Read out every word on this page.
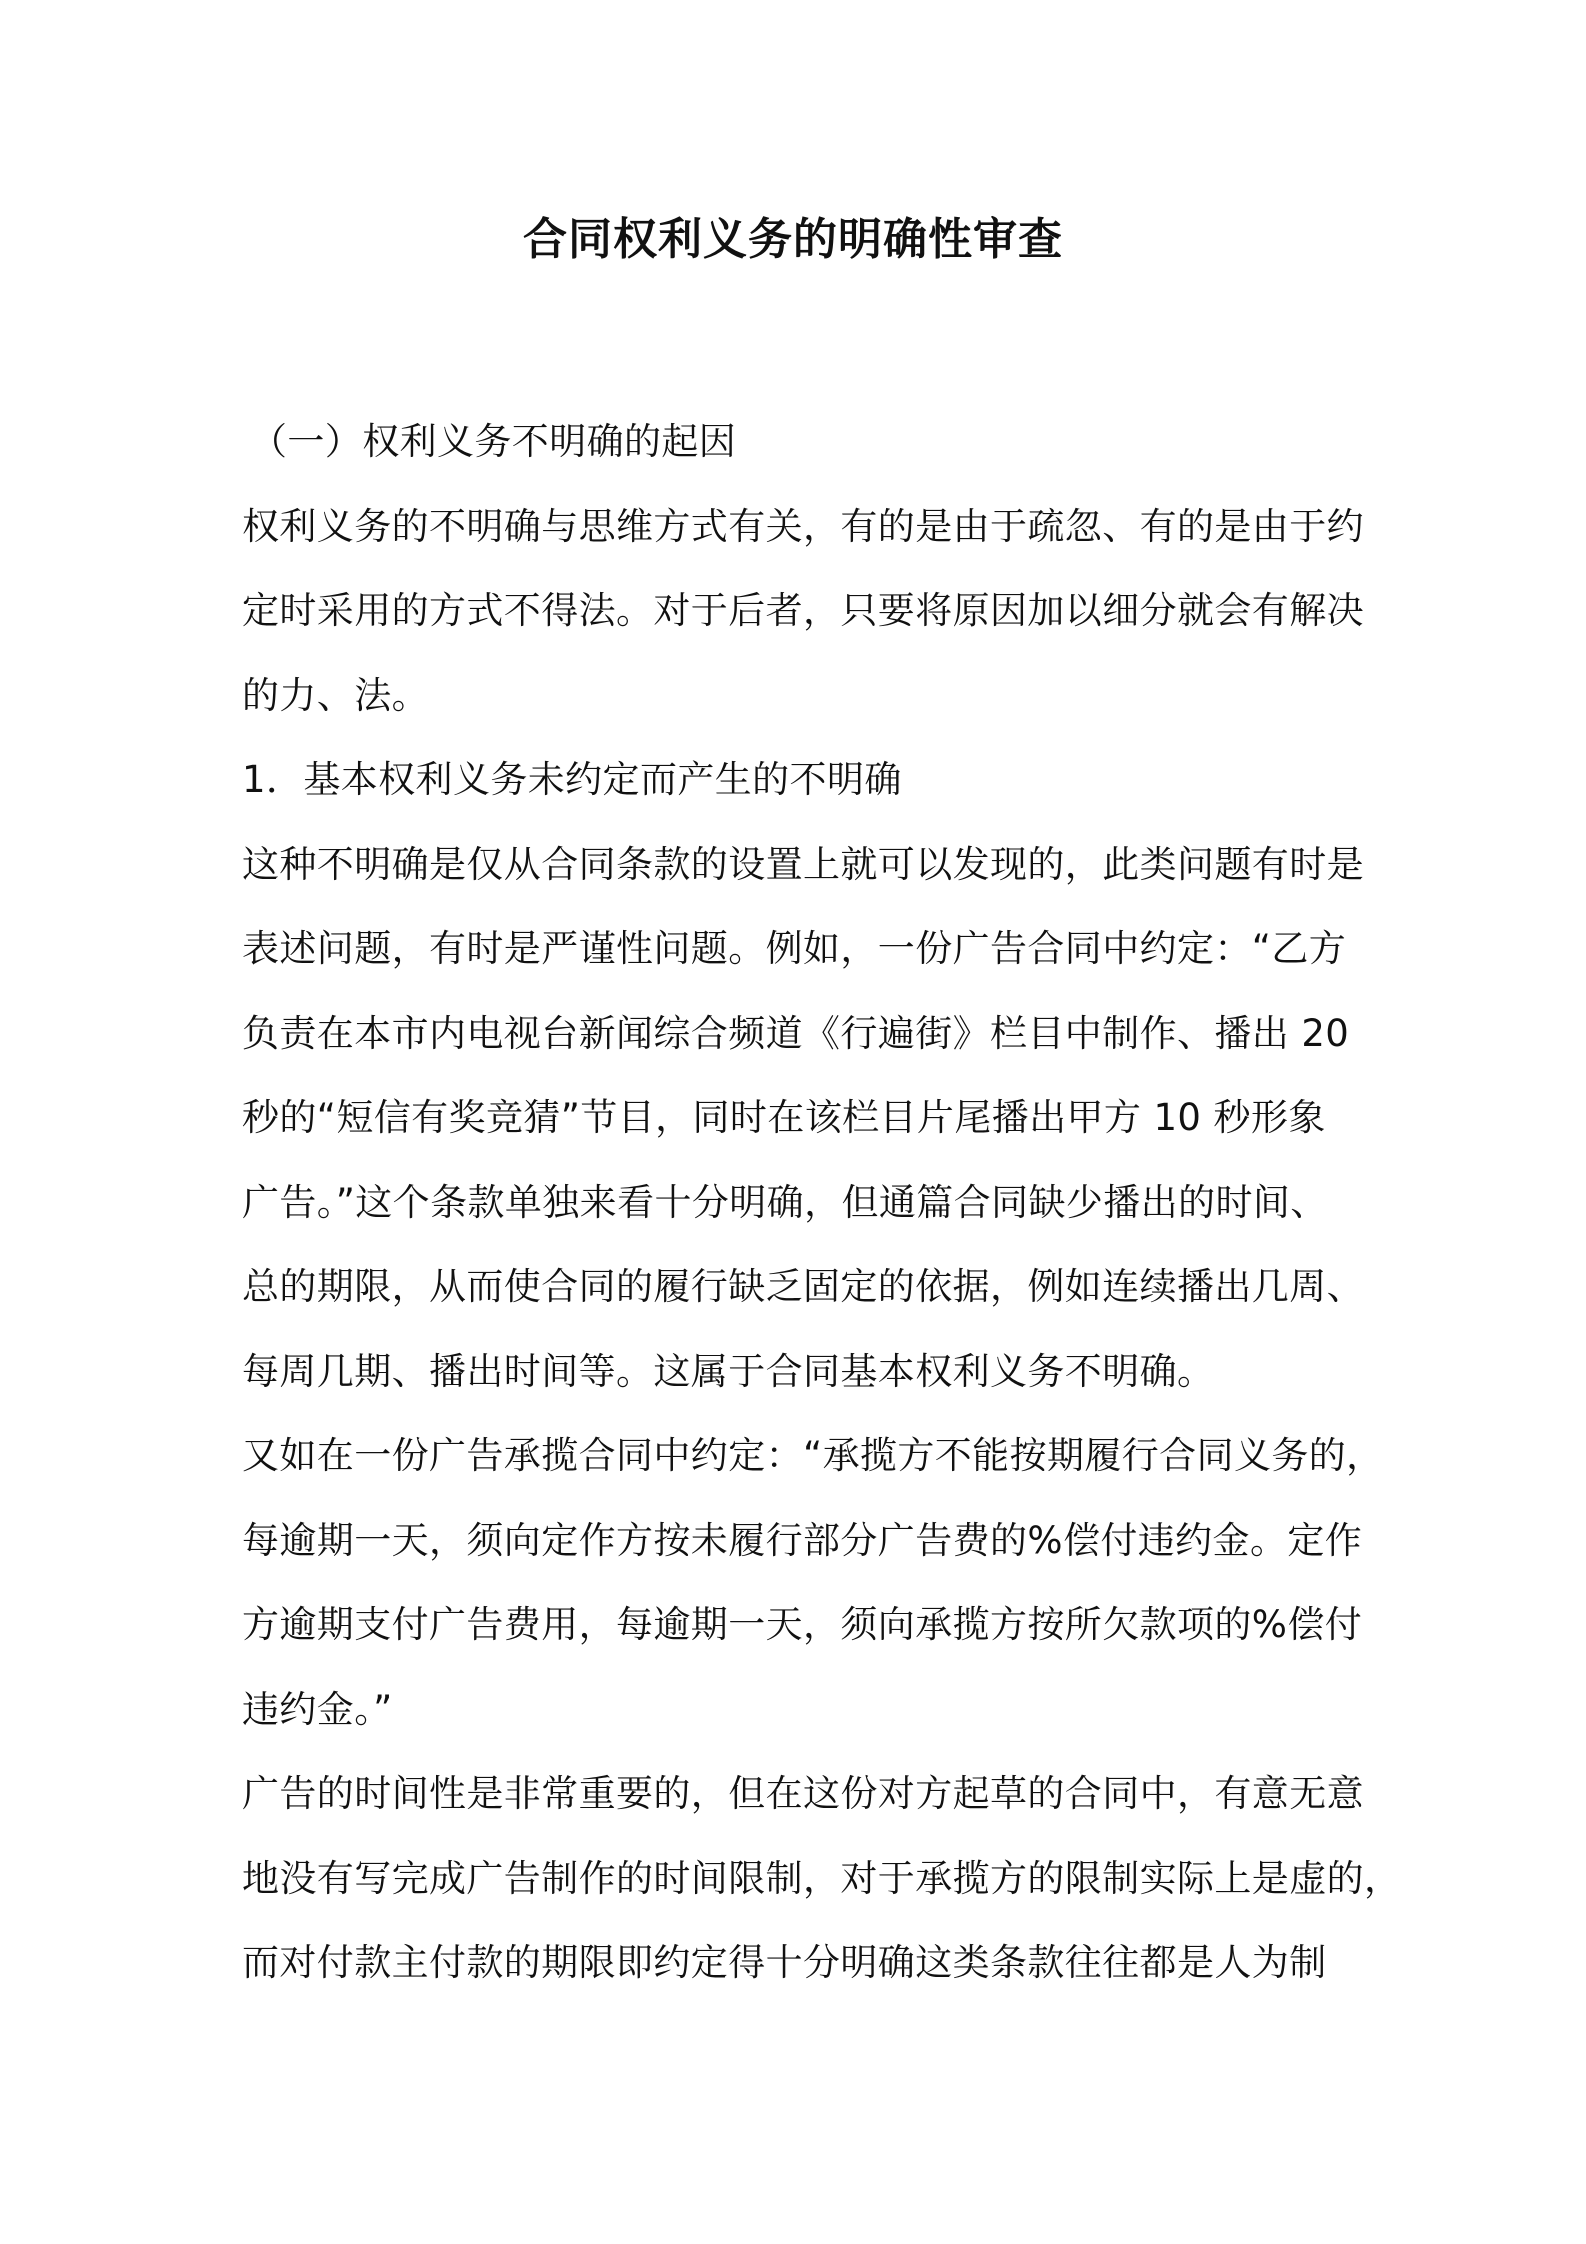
合同权利义务的明确性审查
（一）权利义务不明确的起因
权利义务的不明确与思维方式有关，有的是由于疏忽、有的是由于约
定时采用的方式不得法。对于后者，只要将原因加以细分就会有解决
的力、法。
1．基本权利义务未约定而产生的不明确
这种不明确是仅从合同条款的设置上就可以发现的，此类问题有时是
表述问题，有时是严谨性问题。例如，一份广告合同中约定：“乙方
负责在本市内电视台新闻综合频道《行遍街》栏目中制作、播出 20
秒的“短信有奖竞猜”节目，同时在该栏目片尾播出甲方 10 秒形象
广告。”这个条款单独来看十分明确，但通篇合同缺少播出的时间、
总的期限，从而使合同的履行缺乏固定的依据，例如连续播出几周、
每周几期、播出时间等。这属于合同基本权利义务不明确。
又如在一份广告承揽合同中约定：“承揽方不能按期履行合同义务的，
每逾期一天，须向定作方按未履行部分广告费的%偿付违约金。定作
方逾期支付广告费用，每逾期一天，须向承揽方按所欠款项的%偿付
违约金。”
广告的时间性是非常重要的，但在这份对方起草的合同中，有意无意
地没有写完成广告制作的时间限制，对于承揽方的限制实际上是虚的，
而对付款主付款的期限即约定得十分明确这类条款往往都是人为制
